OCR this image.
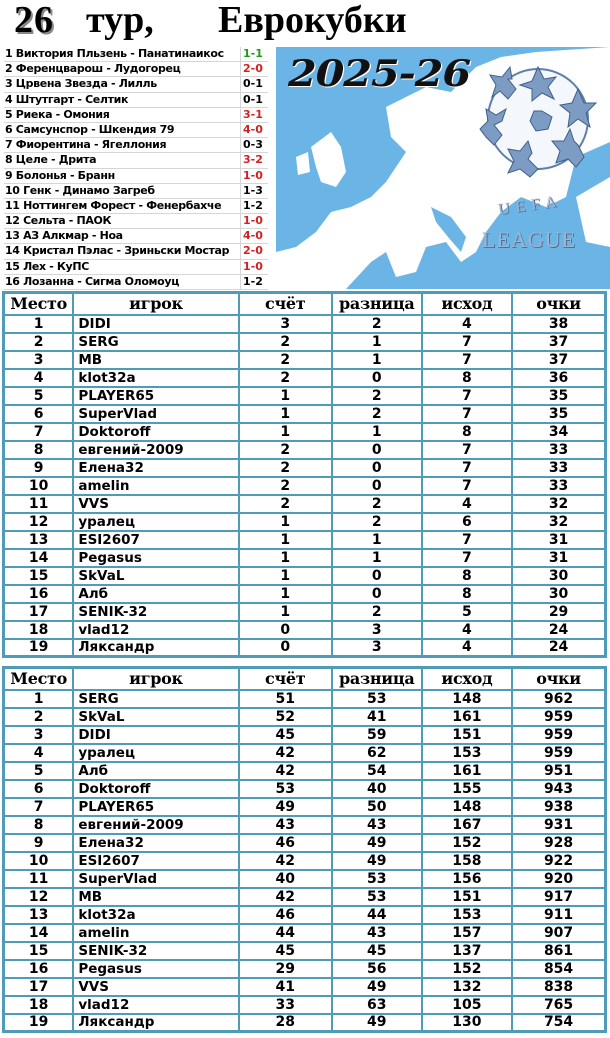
26

тур,

Еврокубки

1 Виктория Пльзень - Панатинаикос 1-1
2 Ференцварош - Лудогорец	2-0
3 Црвена Звезда - Лилль	0-1
4 Штутгарт - Селтик	0-1
5 Риека - Омония	3-1
6 Самсунспор - Шкендия 79	4-0
7 Фиорентина - Ягеллония	0-3
8 Целе - Дрита	3-2
9 Болонья - Бранн	1-0
10 Генк - Динамо Загреб	1-3
11 Ноттингем Форест - Фенербахче 1-2
12 Сельта - ПАОК	1-0
13 АЗ Алкмар - Ноа	4-0
14 Кристал Пэлас - Зриньски Мостар 2-0
15 Лех - КуПС	1-0
16 Лозанна - Сигма Оломоуц	1-2
2025-26
UEFA
LEAGUE
Место	игрок	счёт	разница	исход	очки
1	DIDI	3	2	4	38
2	SERG	2	1	7	37
3	MB	2	1	7	37
4	klot32a	2	0	8	36
5	PLAYER65	1	2	7	35
6	SuperVlad	1	2	7	35
7	Doktoroff	1	1	8	34
8	евгений-2009	2	0	7	33
9	Елена32	2	0	7	33
10	amelin	2	0	7	33
11	VVS	2	2	4	32
12	уралец	1	2	6	32
13	ESI2607	1	1	7	31
14	Pegasus	1	1	7	31
15	SkVaL	1	0	8	30
16	Алб	1	0	8	30
17	SENIK-32	1	2	5	29
18	vlad12	0	3	4	24
19	Ляксандр	0	3	4	24
Место	игрок	счёт	разница	исход	очки
1	SERG	51	53	148	962
2	SkVaL	52	41	161	959
3	DIDI	45	59	151	959
4	уралец	42	62	153	959
5	Алб	42	54	161	951
6	Doktoroff	53	40	155	943
7	PLAYER65	49	50	148	938
8	евгений-2009	43	43	167	931
9	Елена32	46	49	152	928
10	ESI2607	42	49	158	922
11	SuperVlad	40	53	156	920
12	MB	42	53	151	917
13	klot32a	46	44	153	911
14	amelin	44	43	157	907
15	SENIK-32	45	45	137	861
16	Pegasus	29	56	152	854
17	VVS	41	49	132	838
18	vlad12	33	63	105	765
19	Ляксандр	28	49	130	754
